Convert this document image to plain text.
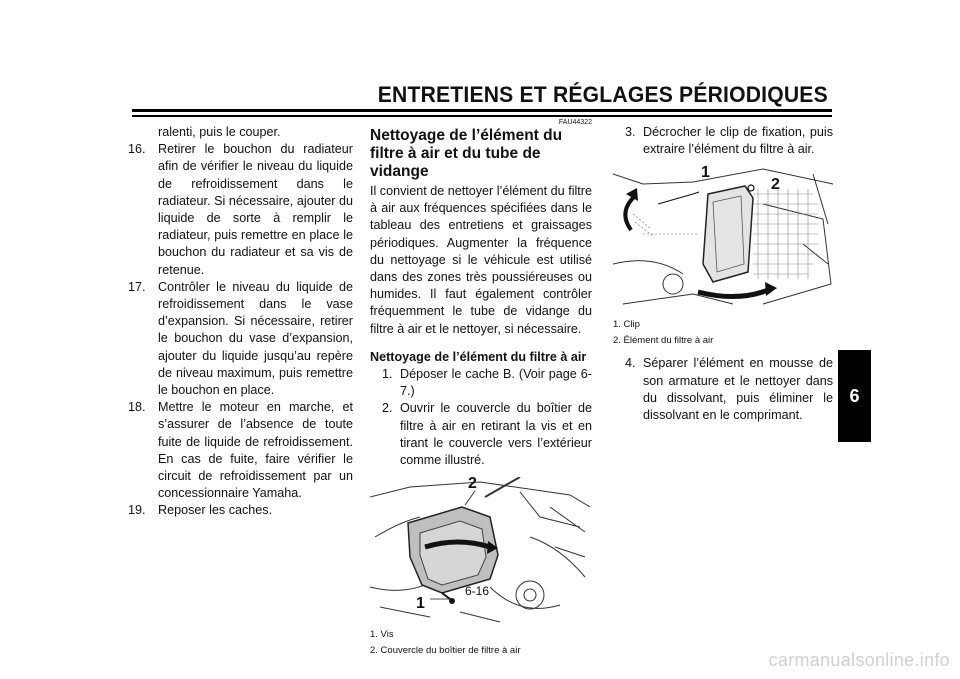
ENTRETIENS ET RÉGLAGES PÉRIODIQUES
6
ralenti, puis le couper.
16. Retirer le bouchon du radiateur afin de vérifier le niveau du liquide de refroidissement dans le radiateur. Si nécessaire, ajouter du liquide de sorte à remplir le radiateur, puis remettre en place le bouchon du radiateur et sa vis de retenue.
17. Contrôler le niveau du liquide de refroidissement dans le vase d’expansion. Si nécessaire, retirer le bouchon du vase d’expansion, ajouter du liquide jusqu’au repère de niveau maximum, puis remettre le bouchon en place.
18. Mettre le moteur en marche, et s’assurer de l’absence de toute fuite de liquide de refroidissement. En cas de fuite, faire vérifier le circuit de refroidissement par un concessionnaire Yamaha.
19. Reposer les caches.
FAU44322
Nettoyage de l’élément du filtre à air et du tube de vidange
Il convient de nettoyer l’élément du filtre à air aux fréquences spécifiées dans le tableau des entretiens et graissages périodiques. Augmenter la fréquence du nettoyage si le véhicule est utilisé dans des zones très poussiéreuses ou humides. Il faut également contrôler fréquemment le tube de vidange du filtre à air et le nettoyer, si nécessaire.
Nettoyage de l’élément du filtre à air
1. Déposer le cache B. (Voir page 6-7.)
2. Ouvrir le couvercle du boîtier de filtre à air en retirant la vis et en tirant le couvercle vers l’extérieur comme illustré.
1
2
1. Vis
2. Couvercle du boîtier de filtre à air
3. Décrocher le clip de fixation, puis extraire l’élément du filtre à air.
1
2
1. Clip
2. Élément du filtre à air
4. Séparer l’élément en mousse de son armature et le nettoyer dans du dissolvant, puis éliminer le dissolvant en le comprimant.
6-16
carmanualsonline.info
